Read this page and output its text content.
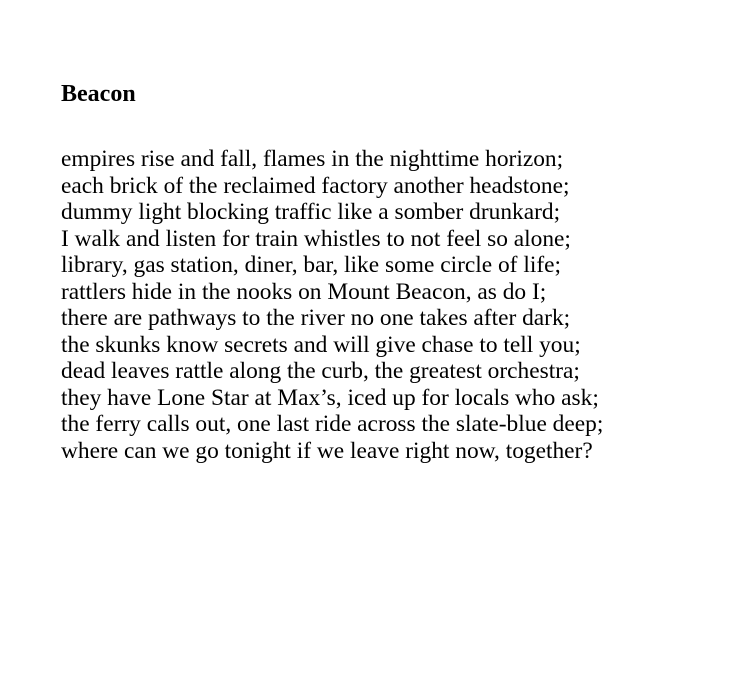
Beacon
empires rise and fall, flames in the nighttime horizon;
each brick of the reclaimed factory another headstone;
dummy light blocking traffic like a somber drunkard;
I walk and listen for train whistles to not feel so alone;
library, gas station, diner, bar, like some circle of life;
rattlers hide in the nooks on Mount Beacon, as do I;
there are pathways to the river no one takes after dark;
the skunks know secrets and will give chase to tell you;
dead leaves rattle along the curb, the greatest orchestra;
they have Lone Star at Max’s, iced up for locals who ask;
the ferry calls out, one last ride across the slate-blue deep;
where can we go tonight if we leave right now, together?
